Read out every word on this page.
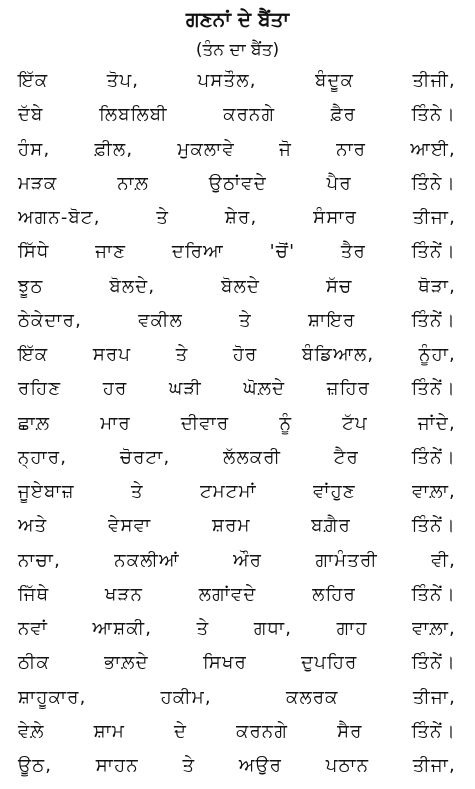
ਗਣਨਾਂ ਦੇ ਬੈਂਤਾ
(ਤੰਨ ਦਾ ਬੈਂਤ)
ਇੱਕ	ਤੋਪ,	ਪਸਤੌਲ,	ਬੰਦੂਕ	ਤੀਜੀ,
ਦੱਬੇ	ਲਿਬਲਿਬੀ	ਕਰਨਗੇ	ਫ਼ੈਰ	ਤਿੰਨੇ।
ਹੰਸ, ਫ਼ੀਲ, ਮੁਕਲਾਵੇ ਜੋ ਨਾਰ ਆਈ,
ਮੜਕ	ਨਾਲ਼	ਉਠਾਂਵਦੇ	ਪੈਰ	ਤਿੰਨੇ।
ਅਗਨ-ਬੋਟ,	ਤੇ	ਸ਼ੇਰ,	ਸੰਸਾਰ	ਤੀਜਾ,
ਸਿੱਧੇ	ਜਾਣ	ਦਰਿਆ	'ਚੋਂ'	ਤੈਰ	ਤਿੰਨੇਂ।
ਝੂਠ	ਬੋਲਦੇ,	ਬੋਲਦੇ	ਸੱਚ	ਥੋੜਾ,
ਠੇਕੇਦਾਰ,	ਵਕੀਲ	ਤੇ	ਸ਼ਾਇਰ	ਤਿੰਨੇਂ।
ਇੱਕ ਸਰਪ ਤੇ ਹੋਰ ਬੰਡਿਆਲ, ਨੂੰਹਾ,
ਰਹਿਣ ਹਰ ਘੜੀ ਘੋਲ਼ਦੇ ਜ਼ਹਿਰ ਤਿੰਨੇਂ।
ਛਾਲ਼	ਮਾਰ	ਦੀਵਾਰ	ਨੂੰ	ਟੱਪ	ਜਾਂਦੇ,
ਨ੍ਹਾਰ,	ਚੋਰਟਾ,	ਲੱਲਕਰੀ	ਟੈਰ	ਤਿੰਨੇਂ।
ਜੂਏਬਾਜ਼	ਤੇ	ਟਮਟਮਾਂ	ਵਾਂਹੁਣ	ਵਾਲ਼ਾ,
ਅਤੇ	ਵੇਸਵਾ	ਸ਼ਰਮ	ਬਗ਼ੈਰ	ਤਿੰਨੇਂ।
ਨਾਚਾ,	ਨਕਲੀਆਂ	ਔਰ	ਗਾਮੰਤਰੀ	ਵੀ,
ਜਿੱਥੇ	ਖੜਨ	ਲਗਾਂਵਦੇ	ਲਹਿਰ	ਤਿੰਨੇਂ।
ਨਵਾਂ ਆਸ਼ਕੀ, ਤੇ ਗਧਾ, ਗਾਹ ਵਾਲ਼ਾ,
ਠੀਕ	ਭਾਲ਼ਦੇ	ਸਿਖਰ	ਦੁਪਹਿਰ	ਤਿੰਨੇਂ।
ਸ਼ਾਹੂਕਾਰ,	ਹਕੀਮ,	ਕਲਰਕ	ਤੀਜਾ,
ਵੇਲ਼ੇ	ਸ਼ਾਮ	ਦੇ	ਕਰਨਗੇ	ਸੈਰ	ਤਿੰਨੇਂ।
ਊਠ, ਸਾਹਨ ਤੇ ਅਉਰ ਪਠਾਨ ਤੀਜਾ,
